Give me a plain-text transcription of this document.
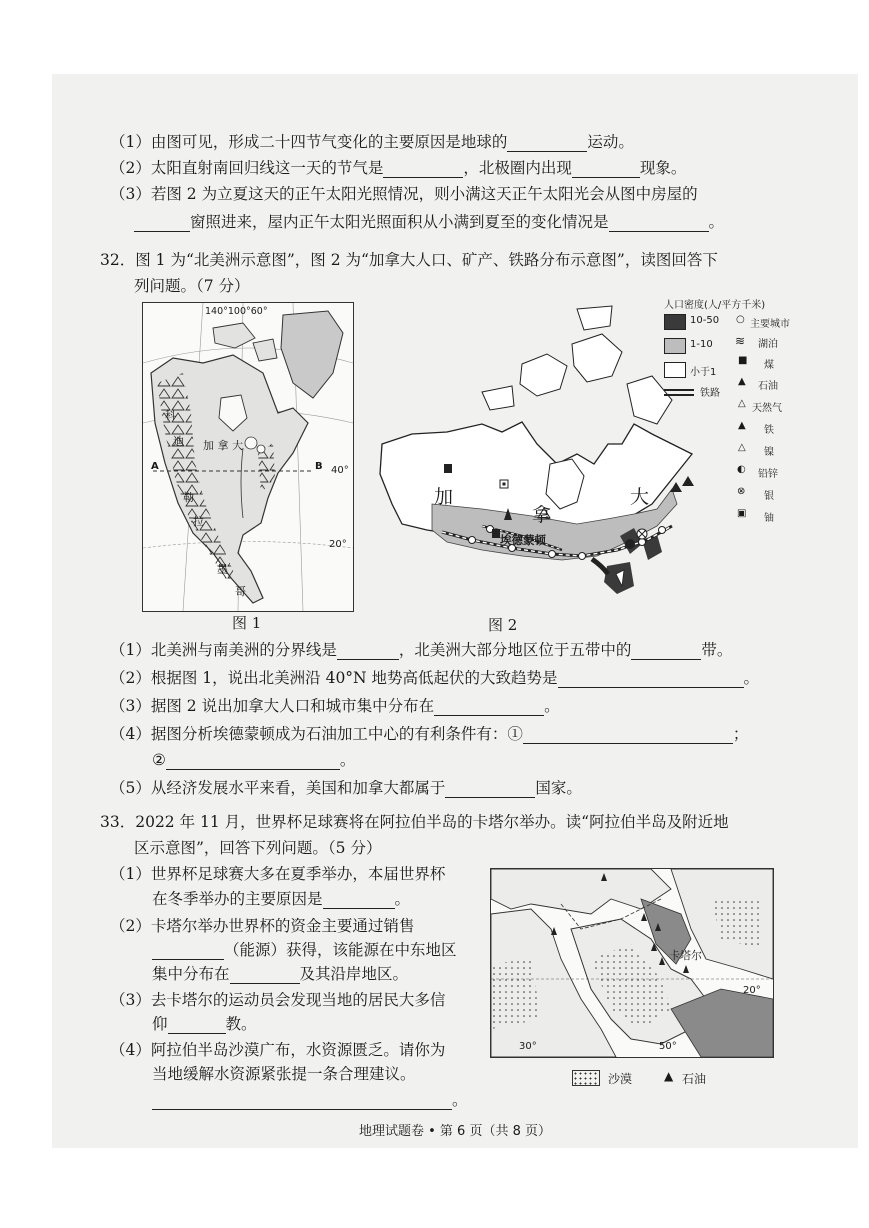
（1）由图可见，形成二十四节气变化的主要原因是地球的	运动。
（2）太阳直射南回归线这一天的节气是	，北极圈内出现	现象。
（3）若图 2 为立夏这天的正午太阳光照情况，则小满这天正午太阳光会从图中房屋的
窗照进来，屋内正午太阳光照面积从小满到夏至的变化情况是	。
32．图 1 为“北美洲示意图”，图 2 为“加拿大人口、矿产、铁路分布示意图”，读图回答下
列问题。（7 分）
140°100°60°
40°
20°
A	B
加 拿 大
科
迪
勒
拉
墨
哥
图 1
人口密度(人/平方千米)
10-50
1-10
小于1
铁路
○ 主要城市
≋ 湖泊
■ 煤
▲ 石油
△ 天然气
▲ 铁
△ 镍
◐ 铅锌
⊗ 银
▣ 铀
加
拿
大
埃德蒙顿
图 2
（1）北美洲与南美洲的分界线是	，北美洲大部分地区位于五带中的	带。
（2）根据图 1，说出北美洲沿 40°N 地势高低起伏的大致趋势是	。
（3）据图 2 说出加拿大人口和城市集中分布在	。
（4）据图分析埃德蒙顿成为石油加工中心的有利条件有：①	；
②	。
（5）从经济发展水平来看，美国和加拿大都属于	国家。
33．2022 年 11 月，世界杯足球赛将在阿拉伯半岛的卡塔尔举办。读“阿拉伯半岛及附近地
区示意图”，回答下列问题。（5 分）
（1）世界杯足球赛大多在夏季举办，本届世界杯
在冬季举办的主要原因是	。
（2）卡塔尔举办世界杯的资金主要通过销售
（能源）获得，该能源在中东地区
集中分布在	及其沿岸地区。
（3）去卡塔尔的运动员会发现当地的居民大多信
仰	教。
（4）阿拉伯半岛沙漠广布，水资源匮乏。请你为
当地缓解水资源紧张提一条合理建议。
。
卡塔尔
20°
30°	50°
沙漠	▲ 石油
地理试题卷 • 第 6 页（共 8 页）
